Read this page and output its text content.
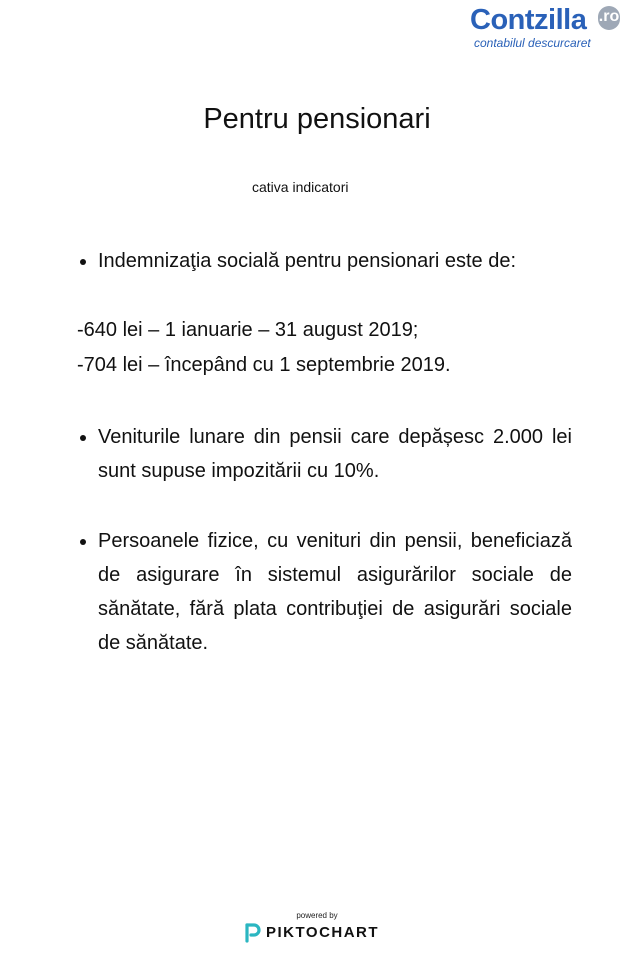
Contzilla .ro
contabilul descurcaret
Pentru pensionari
cativa indicatori
Indemnizaţia socială pentru pensionari este de:
-640 lei – 1 ianuarie – 31 august 2019;
-704 lei – începând cu 1 septembrie 2019.
Veniturile lunare din pensii care depășesc 2.000 lei sunt supuse impozitării cu 10%.
Persoanele fizice, cu venituri din pensii, beneficiază de asigurare în sistemul asigurărilor sociale de sănătate, fără plata contribuţiei de asigurări sociale de sănătate.
powered by
PIKTOCHART
